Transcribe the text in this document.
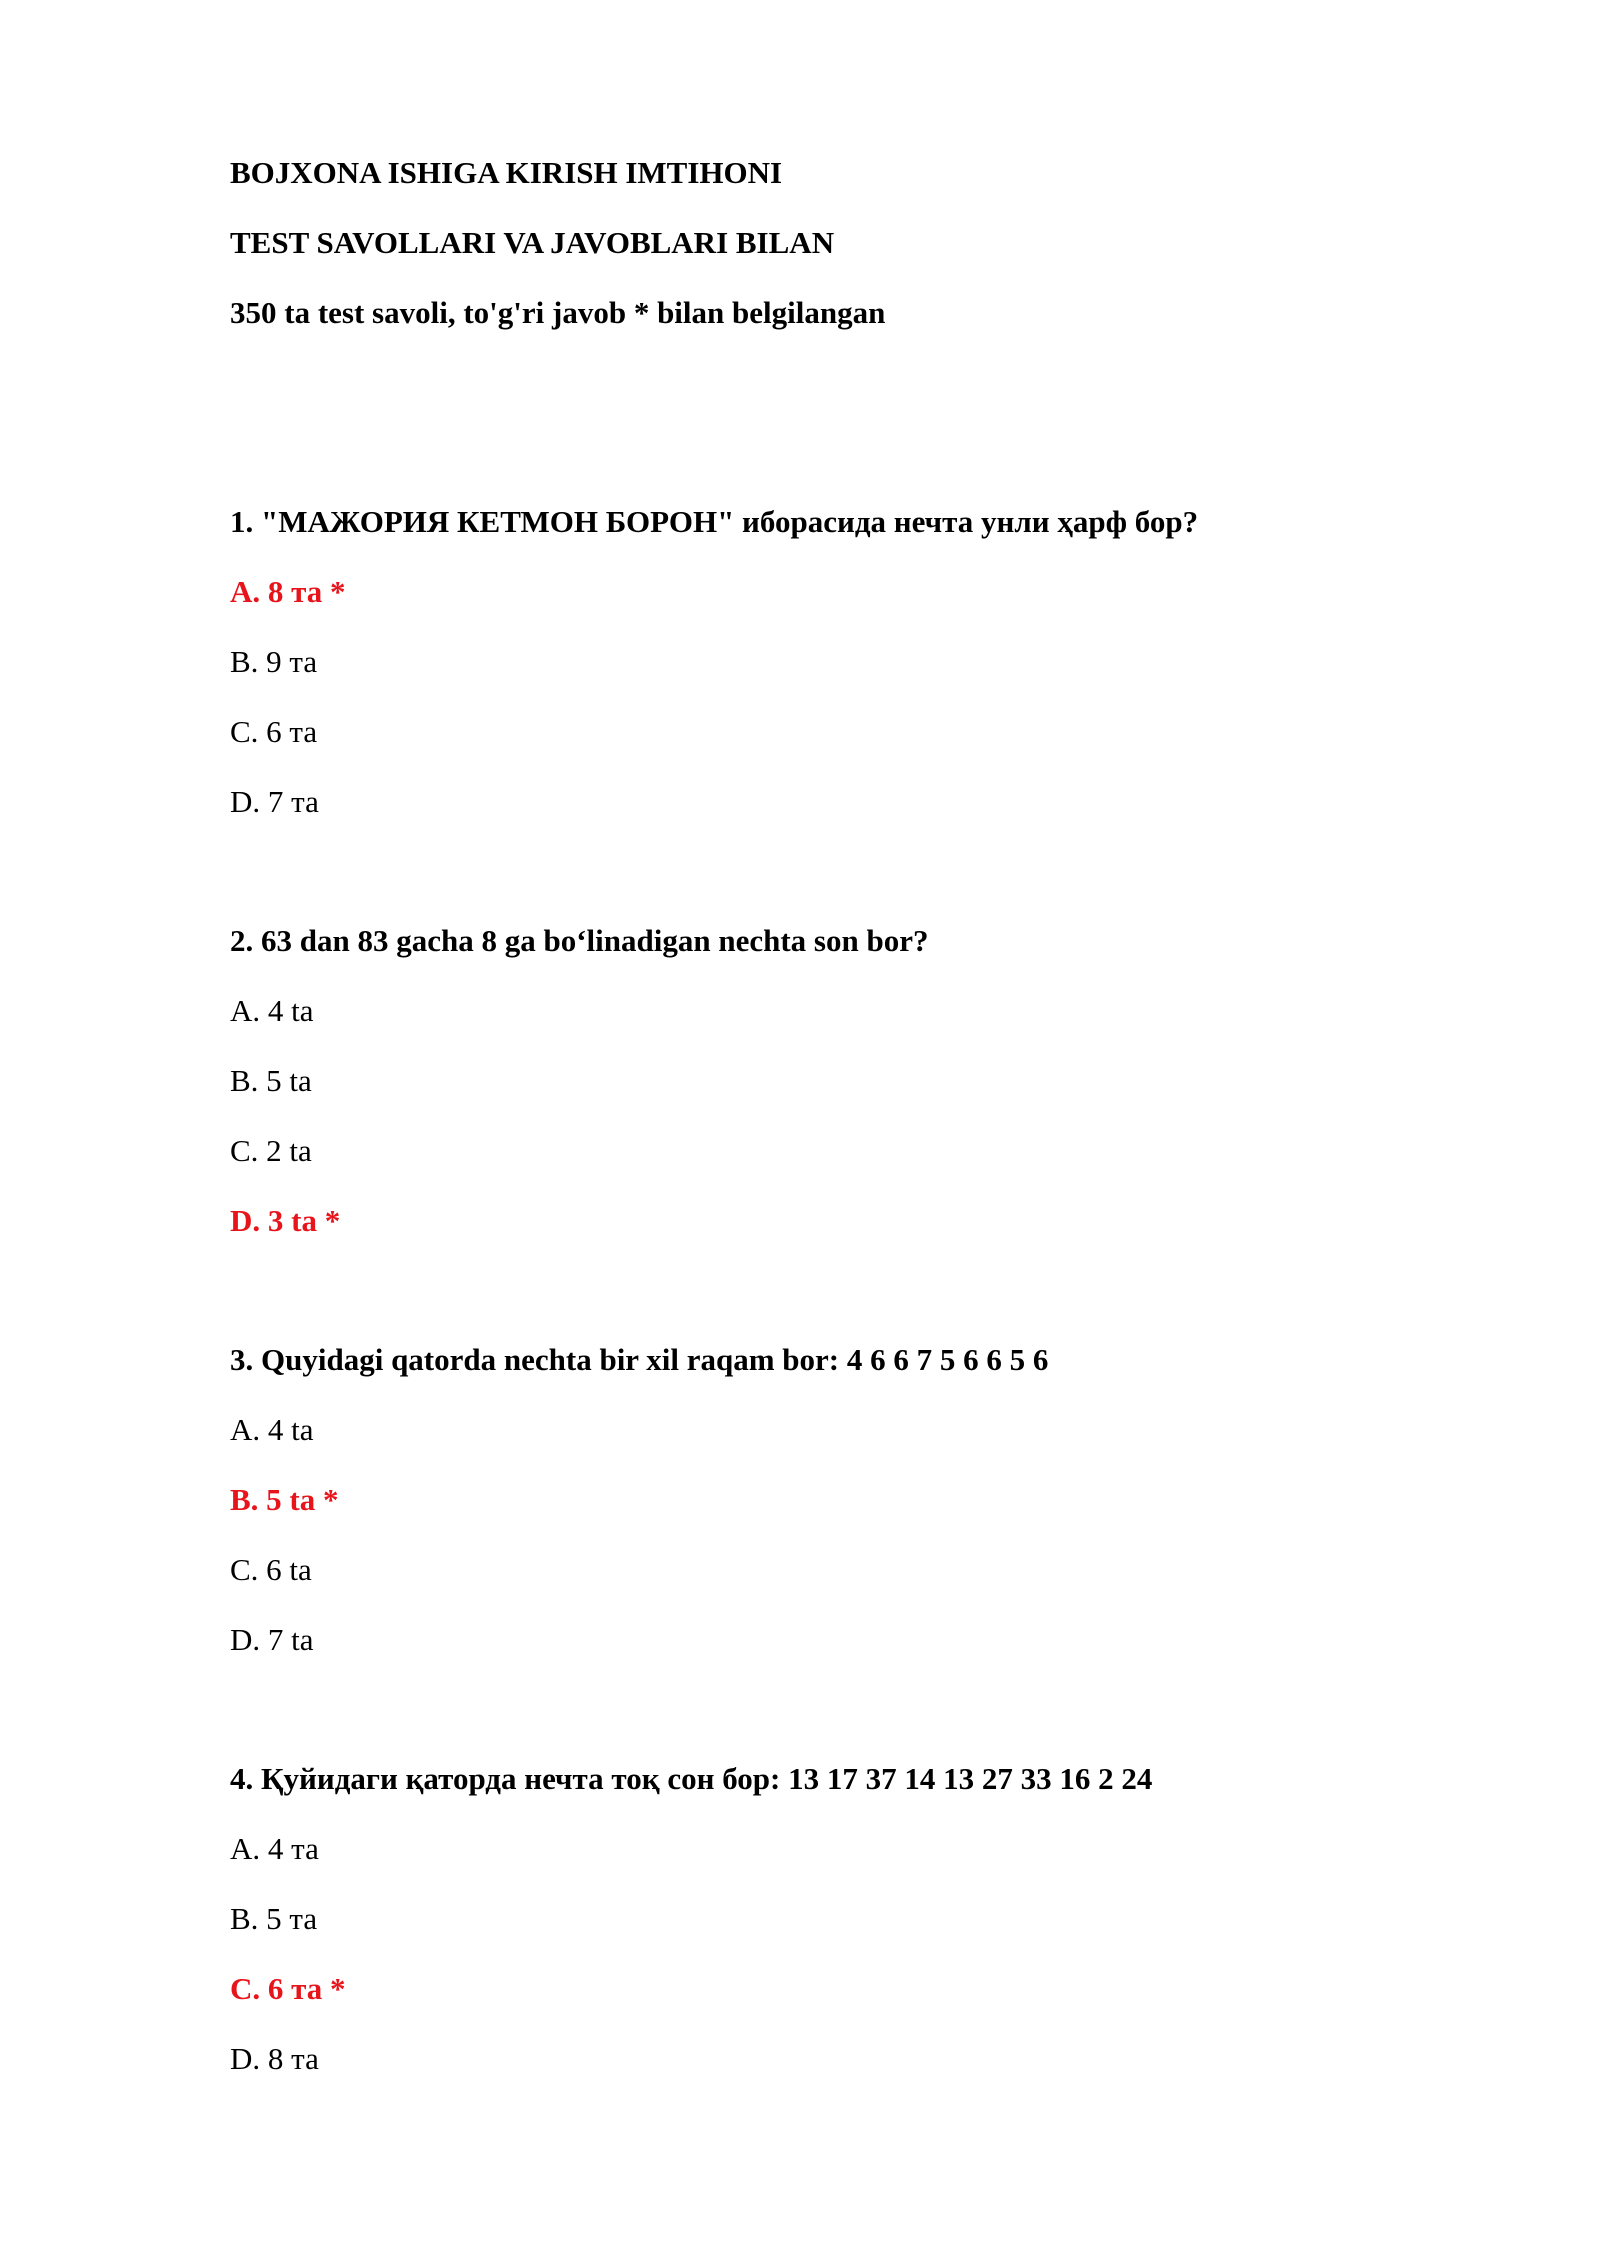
BOJXONA ISHIGA KIRISH IMTIHONI
TEST SAVOLLARI VA JAVOBLARI BILAN
350 ta test savoli, to'g'ri javob * bilan belgilangan
1. "МАЖОРИЯ КЕТМОН БОРОН" иборасида нечта унли ҳарф бор?
A. 8 та *
B. 9 та
C. 6 та
D. 7 та
2. 63 dan 83 gacha 8 ga bo‘linadigan nechta son bor?
A. 4 ta
B. 5 ta
C. 2 ta
D. 3 ta *
3. Quyidagi qatorda nechta bir xil raqam bor: 4 6 6 7 5 6 6 5 6
A. 4 ta
B. 5 ta *
C. 6 ta
D. 7 ta
4. Қуйидаги қаторда нечта тоқ сон бор: 13 17 37 14 13 27 33 16 2 24
A. 4 та
B. 5 та
C. 6 та *
D. 8 та
